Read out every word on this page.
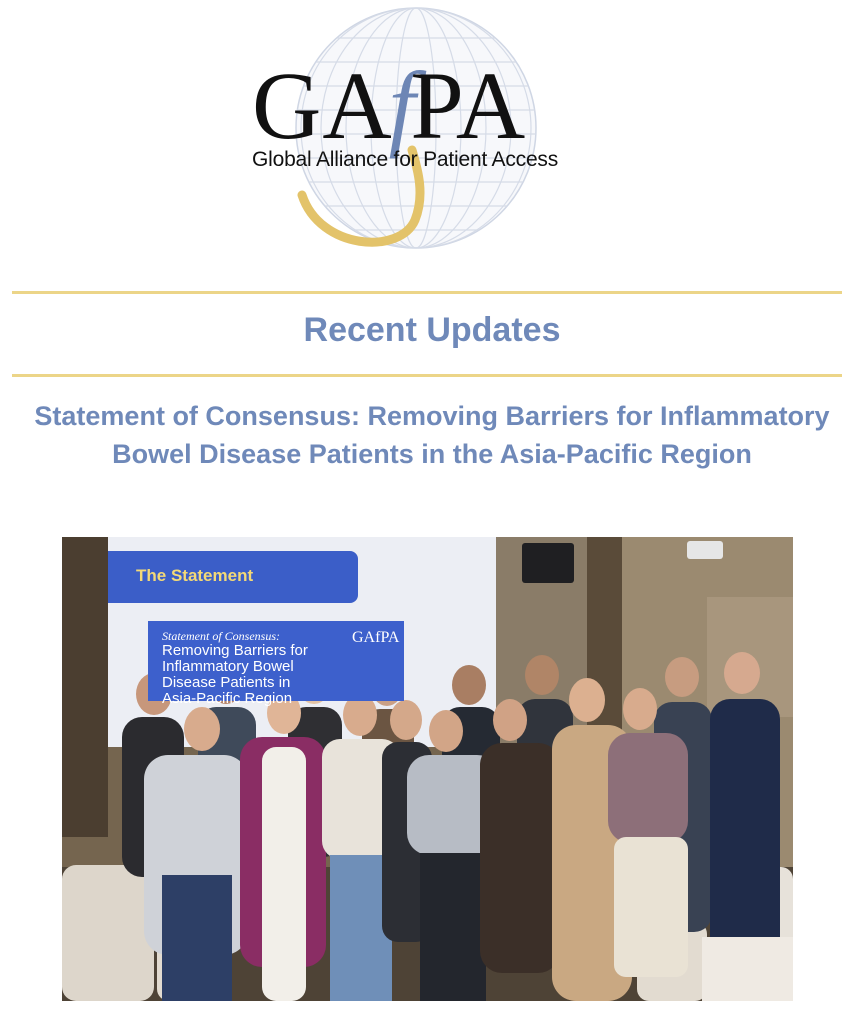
GAfPA
Global Alliance for Patient Access
Recent Updates
Statement of Consensus: Removing Barriers for Inflammatory Bowel Disease Patients in the Asia-Pacific Region
The Statement
Statement of Consensus:
Removing Barriers for
Inflammatory Bowel
Disease Patients in
Asia-Pacific Region
GAfPA
